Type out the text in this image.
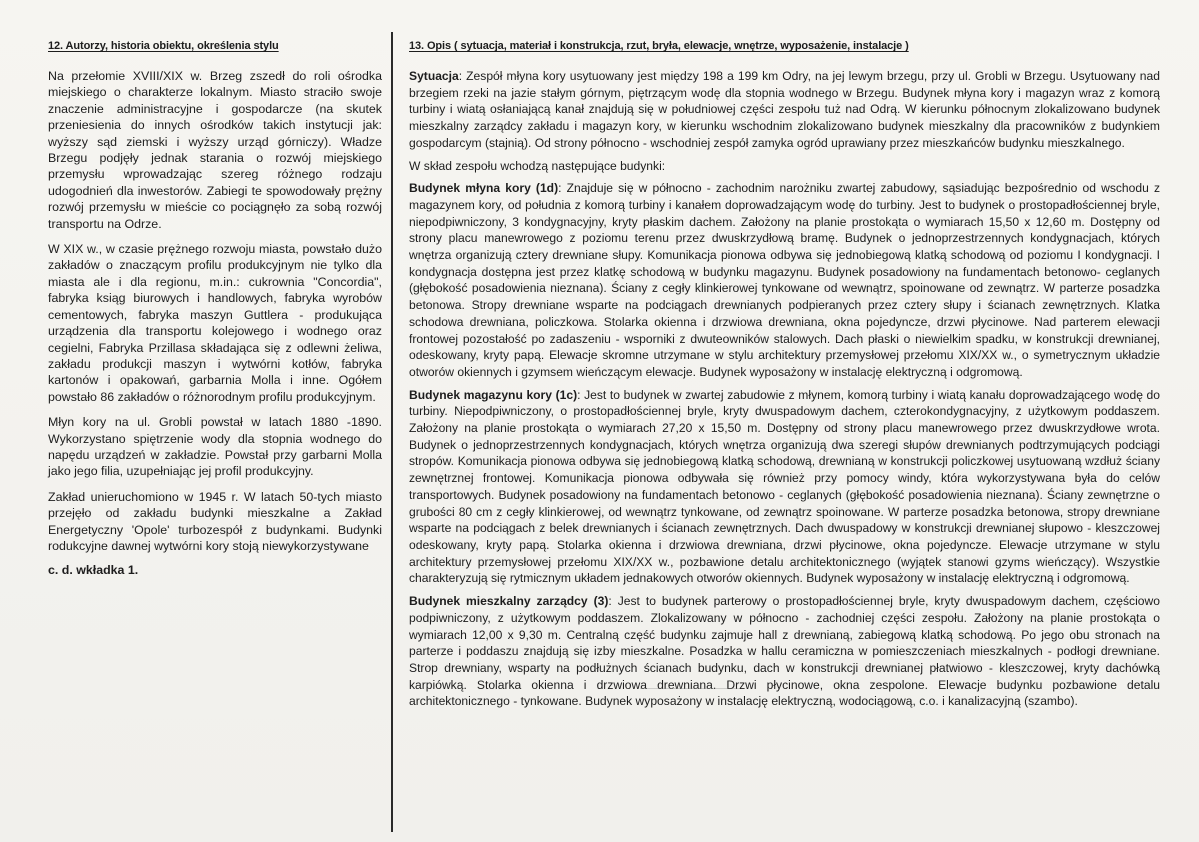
12. Autorzy, historia obiektu, określenia stylu

Na przełomie XVIII/XIX w. Brzeg zszedł do roli ośrodka miejskiego o charakterze lokalnym. Miasto straciło swoje znaczenie administracyjne i gospodarcze (na skutek przeniesienia do innych ośrodków takich instytucji jak: wyższy sąd ziemski i wyższy urząd górniczy). Władze Brzegu podjęły jednak starania o rozwój miejskiego przemysłu wprowadzając szereg różnego rodzaju udogodnień dla inwestorów. Zabiegi te spowodowały prężny rozwój przemysłu w mieście co pociągnęło za sobą rozwój transportu na Odrze.

W XIX w., w czasie prężnego rozwoju miasta, powstało dużo zakładów o znaczącym profilu produkcyjnym nie tylko dla miasta ale i dla regionu, m.in.: cukrownia "Concordia", fabryka ksiąg biurowych i handlowych, fabryka wyrobów cementowych, fabryka maszyn Guttlera - produkująca urządzenia dla transportu kolejowego i wodnego oraz cegielni, Fabryka Przillasa składająca się z odlewni żeliwa, zakładu produkcji maszyn i wytwórni kotłów, fabryka kartonów i opakowań, garbarnia Molla i inne. Ogółem powstało 86 zakładów o różnorodnym profilu produkcyjnym.

Młyn kory na ul. Grobli powstał w latach 1880 -1890. Wykorzystano spiętrzenie wody dla stopnia wodnego do napędu urządzeń w zakładzie. Powstał przy garbarni Molla jako jego filia, uzupełniając jej profil produkcyjny.

Zakład unieruchomiono w 1945 r. W latach 50-tych miasto przejęło od zakładu budynki mieszkalne a Zakład Energetyczny 'Opole' turbozespół z budynkami. Budynki rodukcyjne dawnej wytwórni kory stoją niewykorzystywane

c. d. wkładka 1.
13. Opis ( sytuacja, materiał i konstrukcja, rzut, bryła, elewacje, wnętrze, wyposażenie, instalacje )

Sytuacja: Zespół młyna kory usytuowany jest między 198 a 199 km Odry, na jej lewym brzegu, przy ul. Grobli w Brzegu. Usytuowany nad brzegiem rzeki na jazie stałym górnym, piętrzącym wodę dla stopnia wodnego w Brzegu. Budynek młyna kory i magazyn wraz z komorą turbiny i wiatą osłaniającą kanał znajdują się w południowej części zespołu tuż nad Odrą. W kierunku północnym zlokalizowano budynek mieszkalny zarządcy zakładu i magazyn kory, w kierunku wschodnim zlokalizowano budynek mieszkalny dla pracowników z budynkiem gospodarcym (stajnią). Od strony północno - wschodniej zespół zamyka ogród uprawiany przez mieszkańców budynku mieszkalnego.

W skład zespołu wchodzą następujące budynki:

Budynek młyna kory (1d): Znajduje się w północno - zachodnim narożniku zwartej zabudowy, sąsiadując bezpośrednio od wschodu z magazynem kory, od południa z komorą turbiny i kanałem doprowadzającym wodę do turbiny. Jest to budynek o prostopadłościennej bryle, niepodpiwniczony, 3 kondygnacyjny, kryty płaskim dachem. Założony na planie prostokąta o wymiarach 15,50 x 12,60 m. Dostępny od strony placu manewrowego z poziomu terenu przez dwuskrzydłową bramę. Budynek o jednoprzestrzennych kondygnacjach, których wnętrza organizują cztery drewniane słupy. Komunikacja pionowa odbywa się jednobiegową klatką schodową od poziomu I kondygnacji. I kondygnacja dostępna jest przez klatkę schodową w budynku magazynu. Budynek posadowiony na fundamentach betonowo- ceglanych (głębokość posadowienia nieznana). Ściany z cegły klinkierowej tynkowane od wewnątrz, spoinowane od zewnątrz. W parterze posadzka betonowa. Stropy drewniane wsparte na podciągach drewnianych podpieranych przez cztery słupy i ścianach zewnętrznych. Klatka schodowa drewniana, policzkowa. Stolarka okienna i drzwiowa drewniana, okna pojedyncze, drzwi płycinowe. Nad parterem elewacji frontowej pozostałość po zadaszeniu - wsporniki z dwuteowników stalowych. Dach płaski o niewielkim spadku, w konstrukcji drewnianej, odeskowany, kryty papą. Elewacje skromne utrzymane w stylu architektury przemysłowej przełomu XIX/XX w., o symetrycznym układzie otworów okiennych i gzymsem wieńczącym elewacje. Budynek wyposażony w instalację elektryczną i odgromową.

Budynek magazynu kory (1c): Jest to budynek w zwartej zabudowie z młynem, komorą turbiny i wiatą kanału doprowadzającego wodę do turbiny. Niepodpiwniczony, o prostopadłościennej bryle, kryty dwuspadowym dachem, czterokondygnacyjny, z użytkowym poddaszem. Założony na planie prostokąta o wymiarach 27,20 x 15,50 m. Dostępny od strony placu manewrowego przez dwuskrzydłowe wrota. Budynek o jednoprzestrzennych kondygnacjach, których wnętrza organizują dwa szeregi słupów drewnianych podtrzymujących podciągi stropów. Komunikacja pionowa odbywa się jednobiegową klatką schodową, drewnianą w konstrukcji policzkowej usytuowaną wzdłuż ściany zewnętrznej frontowej. Komunikacja pionowa odbywała się również przy pomocy windy, która wykorzystywana była do celów transportowych. Budynek posadowiony na fundamentach betonowo - ceglanych (głębokość posadowienia nieznana). Ściany zewnętrzne o grubości 80 cm z cegły klinkierowej, od wewnątrz tynkowane, od zewnątrz spoinowane. W parterze posadzka betonowa, stropy drewniane wsparte na podciągach z belek drewnianych i ścianach zewnętrznych. Dach dwuspadowy w konstrukcji drewnianej słupowo - kleszczowej odeskowany, kryty papą. Stolarka okienna i drzwiowa drewniana, drzwi płycinowe, okna pojedyncze. Elewacje utrzymane w stylu architektury przemysłowej przełomu XIX/XX w., pozbawione detalu architektonicznego (wyjątek stanowi gzyms wieńczący). Wszystkie charakteryzują się rytmicznym układem jednakowych otworów okiennych. Budynek wyposażony w instalację elektryczną i odgromową.

Budynek mieszkalny zarządcy (3): Jest to budynek parterowy o prostopadłościennej bryle, kryty dwuspadowym dachem, częściowo podpiwniczony, z użytkowym poddaszem. Zlokalizowany w północno - zachodniej części zespołu. Założony na planie prostokąta o wymiarach 12,00 x 9,30 m. Centralną część budynku zajmuje hall z drewnianą, zabiegową klatką schodową. Po jego obu stronach na parterze i poddaszu znajdują się izby mieszkalne. Posadzka w hallu ceramiczna w pomieszczeniach mieszkalnych - podłogi drewniane. Strop drewniany, wsparty na podłużnych ścianach budynku, dach w konstrukcji drewnianej płatwiowo - kleszczowej, kryty dachówką karpiówką. Stolarka okienna i drzwiowa drewniana. Drzwi płycinowe, okna zespolone. Elewacje budynku pozbawione detalu architektonicznego - tynkowane. Budynek wyposażony w instalację elektryczną, wodociągową, c.o. i kanalizacyjną (szambo).
